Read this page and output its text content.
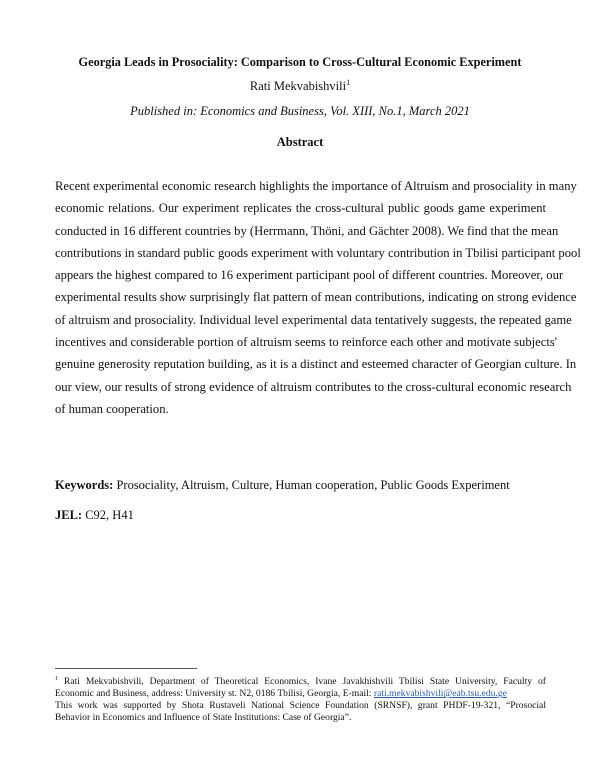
Georgia Leads in Prosociality: Comparison to Cross-Cultural Economic Experiment
Rati Mekvabishvili$^1$
Published in: Economics and Business, Vol. XIII, No.1, March 2021
Abstract
Recent experimental economic research highlights the importance of Altruism and prosociality in many
economic relations. Our experiment replicates the cross-cultural public goods game experiment
conducted in 16 different countries by (Herrmann, Thöni, and Gächter 2008). We find that the mean
contributions in standard public goods experiment with voluntary contribution in Tbilisi participant pool
appears the highest compared to 16 experiment participant pool of different countries. Moreover, our
experimental results show surprisingly flat pattern of mean contributions, indicating on strong evidence
of altruism and prosociality. Individual level experimental data tentatively suggests, the repeated game
incentives and considerable portion of altruism seems to reinforce each other and motivate subjects'
genuine generosity reputation building, as it is a distinct and esteemed character of Georgian culture. In
our view, our results of strong evidence of altruism contributes to the cross-cultural economic research
of human cooperation.
Keywords: Prosociality, Altruism, Culture, Human cooperation, Public Goods Experiment
JEL: C92, H41
$^1$ Rati Mekvabishvili, Department of Theoretical Economics, Ivane Javakhishvili Tbilisi State University, Faculty of
Economic and Business, address: University st. N2, 0186 Tbilisi, Georgia, E-mail: rati.mekvabishvili@eab.tsu.edu.ge
This work was supported by Shota Rustaveli National Science Foundation (SRNSF), grant PHDF-19-321, “Prosocial
Behavior in Economics and Influence of State Institutions: Case of Georgia”.
